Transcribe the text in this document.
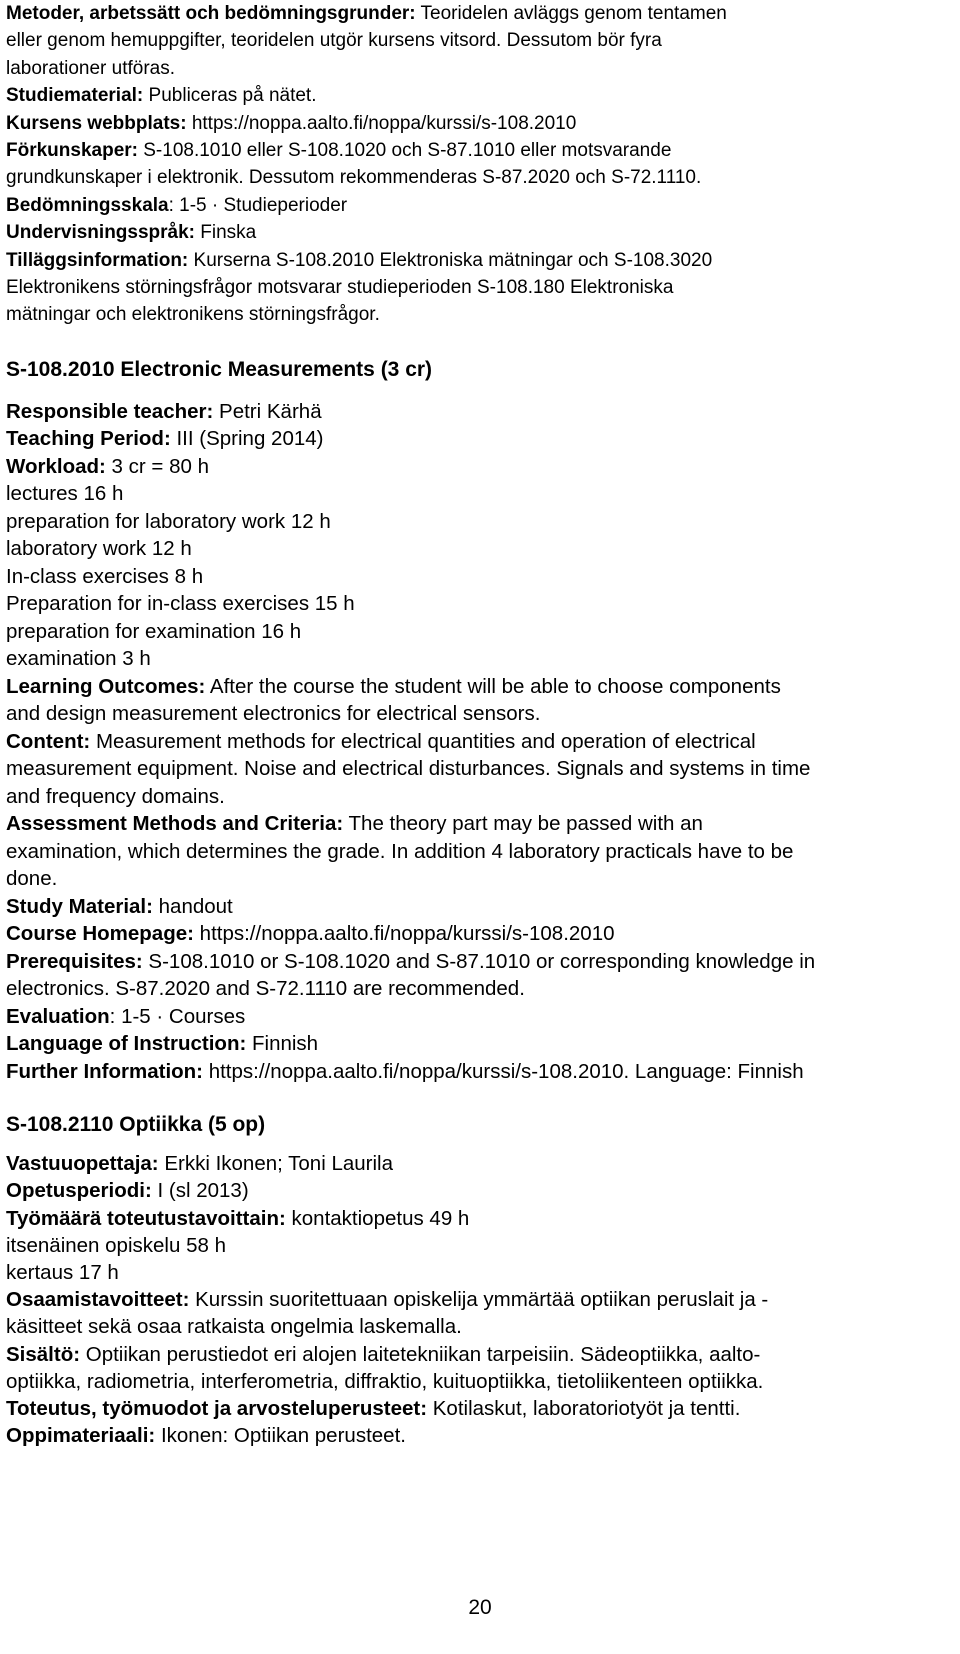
Metoder, arbetssätt och bedömningsgrunder: Teoridelen avläggs genom tentamen
eller genom hemuppgifter, teoridelen utgör kursens vitsord. Dessutom bör fyra
laborationer utföras.
Studiematerial: Publiceras på nätet.
Kursens webbplats: https://noppa.aalto.fi/noppa/kurssi/s-108.2010
Förkunskaper: S-108.1010 eller S-108.1020 och S-87.1010 eller motsvarande
grundkunskaper i elektronik. Dessutom rekommenderas S-87.2020 och S-72.1110.
Bedömningsskala: 1-5 · Studieperioder
Undervisningsspråk: Finska
Tilläggsinformation: Kurserna S-108.2010 Elektroniska mätningar och S-108.3020
Elektronikens störningsfrågor motsvarar studieperioden S-108.180 Elektroniska
mätningar och elektronikens störningsfrågor.
S-108.2010 Electronic Measurements (3 cr)
Responsible teacher: Petri Kärhä
Teaching Period: III (Spring 2014)
Workload: 3 cr = 80 h
lectures 16 h
preparation for laboratory work 12 h
laboratory work 12 h
In-class exercises 8 h
Preparation for in-class exercises 15 h
preparation for examination 16 h
examination 3 h
Learning Outcomes: After the course the student will be able to choose components
and design measurement electronics for electrical sensors.
Content: Measurement methods for electrical quantities and operation of electrical
measurement equipment. Noise and electrical disturbances. Signals and systems in time
and frequency domains.
Assessment Methods and Criteria: The theory part may be passed with an
examination, which determines the grade. In addition 4 laboratory practicals have to be
done.
Study Material: handout
Course Homepage: https://noppa.aalto.fi/noppa/kurssi/s-108.2010
Prerequisites: S-108.1010 or S-108.1020 and S-87.1010 or corresponding knowledge in
electronics. S-87.2020 and S-72.1110 are recommended.
Evaluation: 1-5 · Courses
Language of Instruction: Finnish
Further Information: https://noppa.aalto.fi/noppa/kurssi/s-108.2010. Language: Finnish
S-108.2110 Optiikka (5 op)
Vastuuopettaja: Erkki Ikonen; Toni Laurila
Opetusperiodi: I (sl 2013)
Työmäärä toteutustavoittain: kontaktiopetus 49 h
itsenäinen opiskelu 58 h
kertaus 17 h
Osaamistavoitteet: Kurssin suoritettuaan opiskelija ymmärtää optiikan peruslait ja -
käsitteet sekä osaa ratkaista ongelmia laskemalla.
Sisältö: Optiikan perustiedot eri alojen laitetekniikan tarpeisiin. Sädeoptiikka, aalto-
optiikka, radiometria, interferometria, diffraktio, kuituoptiikka, tietoliikenteen optiikka.
Toteutus, työmuodot ja arvosteluperusteet: Kotilaskut, laboratoriotyöt ja tentti.
Oppimateriaali: Ikonen: Optiikan perusteet.
20
